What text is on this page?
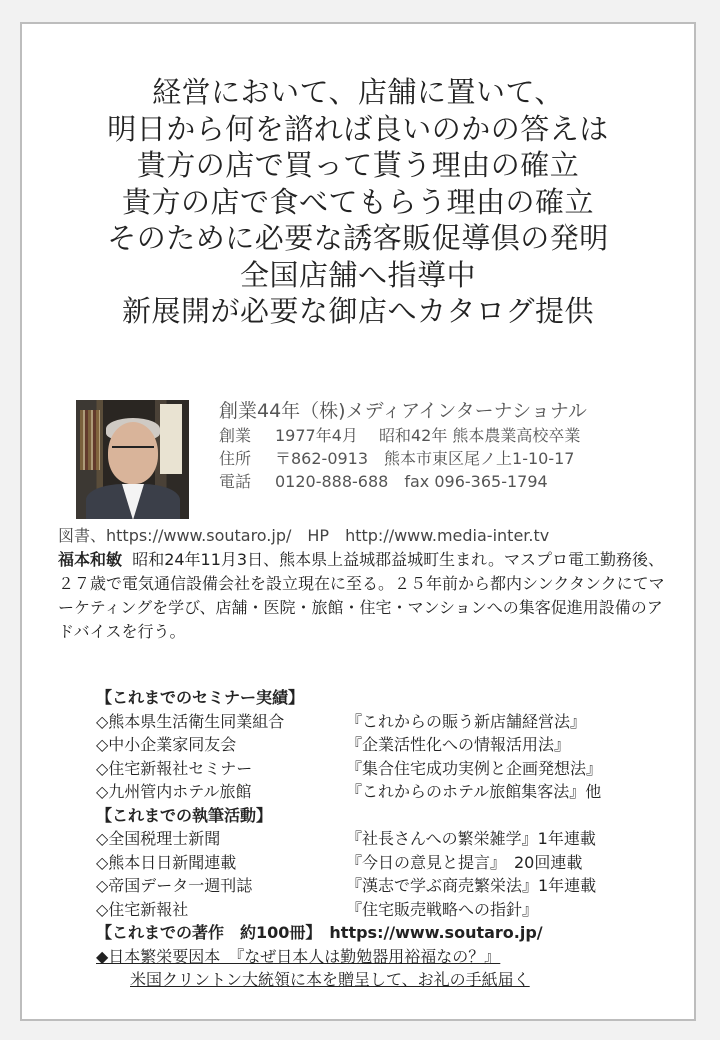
経営において、店舗に置いて、
明日から何を諮れば良いのかの答えは
貴方の店で買って貰う理由の確立
貴方の店で食べてもらう理由の確立
そのために必要な誘客販促導倶の発明
全国店舗へ指導中
新展開が必要な御店へカタログ提供
創業44年（株)メディアインターナショナル
創業 1977年4月　 昭和42年 熊本農業高校卒業
住所 〒862-0913　熊本市東区尾ノ上1-10-17
電話 0120-888-688　fax 096-365-1794
図書、https://www.soutaro.jp/　HP http://www.media-inter.tv
福本和敏 昭和24年11月3日、熊本県上益城郡益城町生まれ。マスプロ電工勤務後、２７歳で電気通信設備会社を設立現在に至る。２５年前から都内シンクタンクにてマーケティングを学び、店舗・医院・旅館・住宅・マンションへの集客促進用設備のアドバイスを行う。
【これまでのセミナー実績】
◇熊本県生活衛生同業組合	『これからの賑う新店舗経営法』
◇中小企業家同友会	『企業活性化への情報活用法』
◇住宅新報社セミナー	『集合住宅成功実例と企画発想法』
◇九州管内ホテル旅館	『これからのホテル旅館集客法』他
【これまでの執筆活動】
◇全国税理士新聞	『社長さんへの繁栄雑学』1年連載
◇熊本日日新聞連載	『今日の意見と提言』　20回連載
◇帝国データ一週刊誌	『漢志で学ぶ商売繁栄法』1年連載
◇住宅新報社	『住宅販売戦略への指針』
【これまでの著作　約100冊】　https://www.soutaro.jp/
◆日本繁栄要因本　『なぜ日本人は勤勉器用裕福なの？』
米国クリントン大統領に本を贈呈して、お礼の手紙届く
